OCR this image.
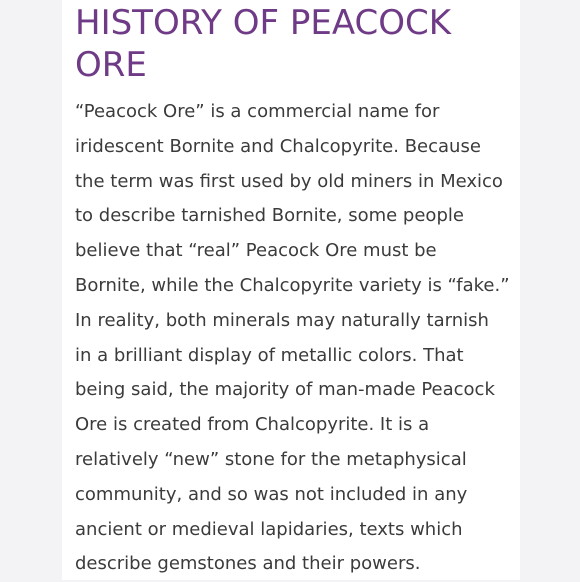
HISTORY OF PEACOCK
ORE

“Peacock Ore” is a commercial name for
iridescent Bornite and Chalcopyrite. Because
the term was first used by old miners in Mexico
to describe tarnished Bornite, some people
believe that “real” Peacock Ore must be
Bornite, while the Chalcopyrite variety is “fake.”
In reality, both minerals may naturally tarnish
in a brilliant display of metallic colors. That
being said, the majority of man-made Peacock
Ore is created from Chalcopyrite. It is a
relatively “new” stone for the metaphysical
community, and so was not included in any
ancient or medieval lapidaries, texts which
describe gemstones and their powers.
